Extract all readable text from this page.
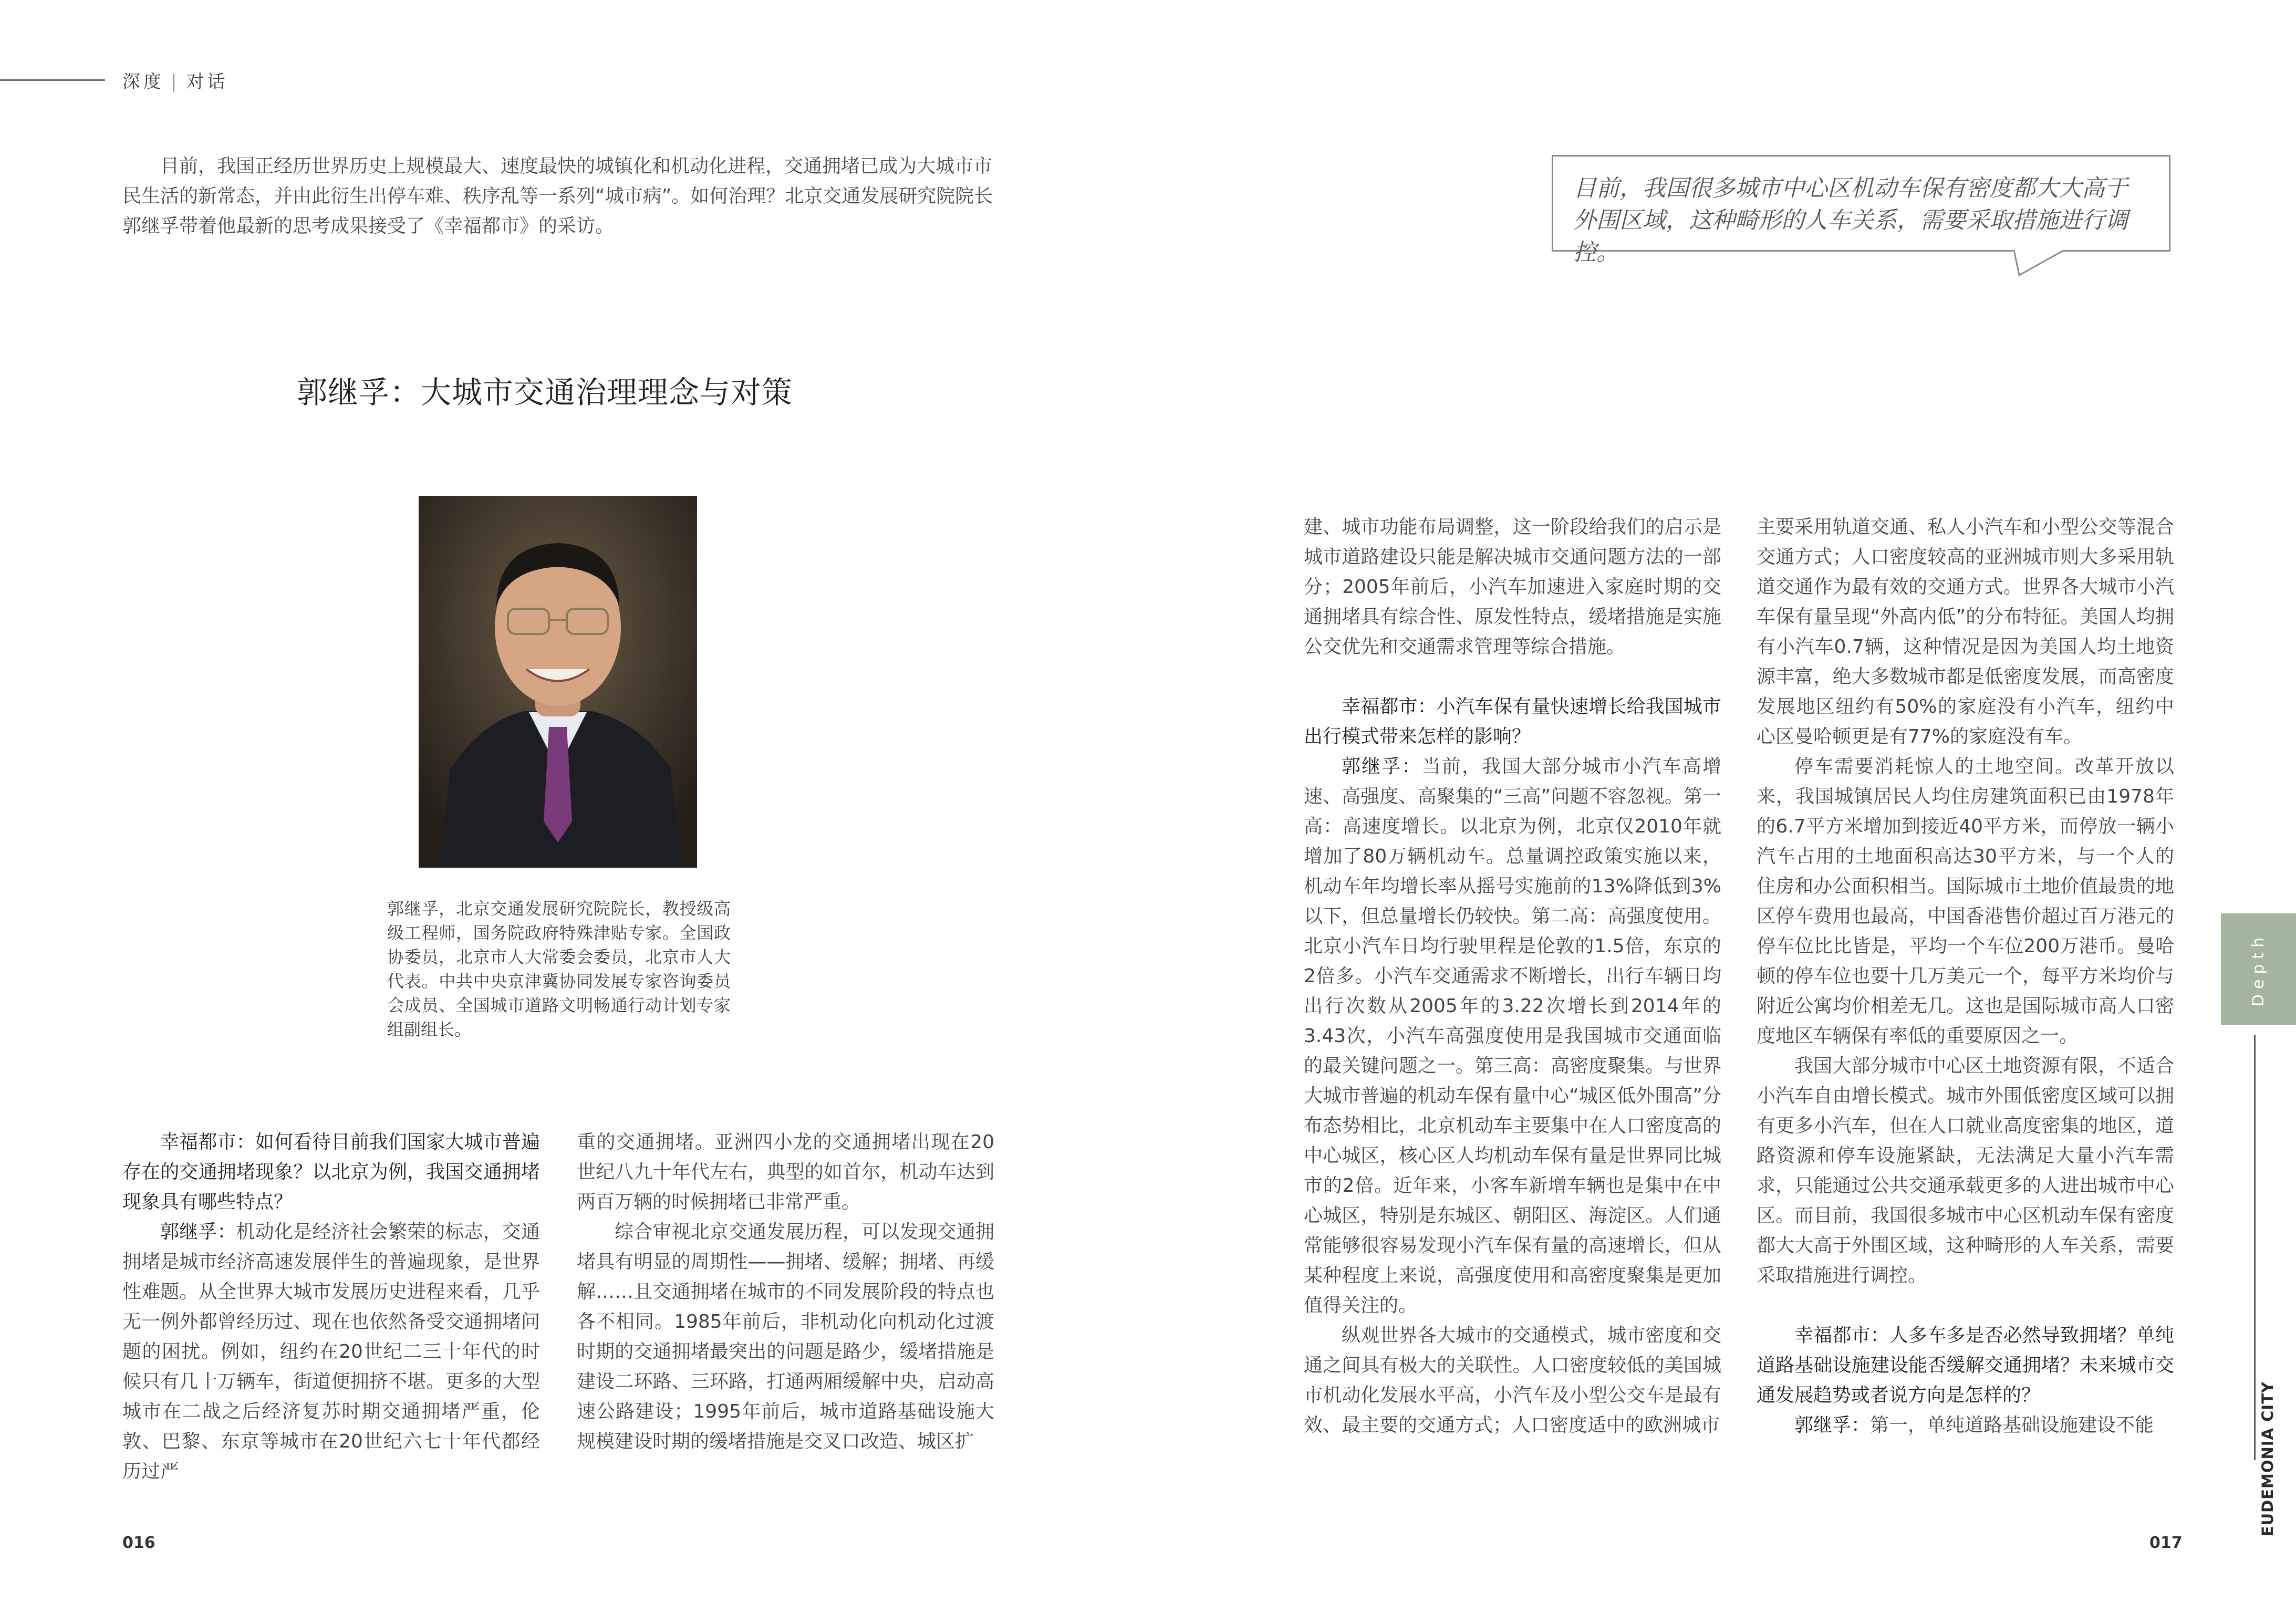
深度 | 对话

目前，我国正经历世界历史上规模最大、速度最快的城镇化和机动化进程，交通拥堵已成为大城市市民生活的新常态，并由此衍生出停车难、秩序乱等一系列“城市病”。如何治理？北京交通发展研究院院长郭继孚带着他最新的思考成果接受了《幸福都市》的采访。

目前，我国很多城市中心区机动车保有密度都大大高于外围区域，这种畸形的人车关系，需要采取措施进行调控。
郭继孚：大城市交通治理理念与对策

郭继孚，北京交通发展研究院院长，教授级高级工程师，国务院政府特殊津贴专家。全国政协委员，北京市人大常委会委员，北京市人大代表。中共中央京津冀协同发展专家咨询委员会成员、全国城市道路文明畅通行动计划专家组副组长。

幸福都市：如何看待目前我们国家大城市普遍存在的交通拥堵现象？以北京为例，我国交通拥堵现象具有哪些特点？

郭继孚：机动化是经济社会繁荣的标志，交通拥堵是城市经济高速发展伴生的普遍现象，是世界性难题。从全世界大城市发展历史进程来看，几乎无一例外都曾经历过、现在也依然备受交通拥堵问题的困扰。例如，纽约在20世纪二三十年代的时候只有几十万辆车，街道便拥挤不堪。更多的大型城市在二战之后经济复苏时期交通拥堵严重，伦敦、巴黎、东京等城市在20世纪六七十年代都经历过严

重的交通拥堵。亚洲四小龙的交通拥堵出现在20世纪八九十年代左右，典型的如首尔，机动车达到两百万辆的时候拥堵已非常严重。

综合审视北京交通发展历程，可以发现交通拥堵具有明显的周期性——拥堵、缓解；拥堵、再缓解……且交通拥堵在城市的不同发展阶段的特点也各不相同。1985年前后，非机动化向机动化过渡时期的交通拥堵最突出的问题是路少，缓堵措施是建设二环路、三环路，打通两厢缓解中央，启动高速公路建设；1995年前后，城市道路基础设施大规模建设时期的缓堵措施是交叉口改造、城区扩

建、城市功能布局调整，这一阶段给我们的启示是城市道路建设只能是解决城市交通问题方法的一部分；2005年前后，小汽车加速进入家庭时期的交通拥堵具有综合性、原发性特点，缓堵措施是实施公交优先和交通需求管理等综合措施。

幸福都市：小汽车保有量快速增长给我国城市出行模式带来怎样的影响？

郭继孚：当前，我国大部分城市小汽车高增速、高强度、高聚集的“三高”问题不容忽视。第一高：高速度增长。以北京为例，北京仅2010年就增加了80万辆机动车。总量调控政策实施以来，机动车年均增长率从摇号实施前的13%降低到3%以下，但总量增长仍较快。第二高：高强度使用。北京小汽车日均行驶里程是伦敦的1.5倍，东京的2倍多。小汽车交通需求不断增长，出行车辆日均出行次数从2005年的3.22次增长到2014年的3.43次，小汽车高强度使用是我国城市交通面临的最关键问题之一。第三高：高密度聚集。与世界大城市普遍的机动车保有量中心“城区低外围高”分布态势相比，北京机动车主要集中在人口密度高的中心城区，核心区人均机动车保有量是世界同比城市的2倍。近年来，小客车新增车辆也是集中在中心城区，特别是东城区、朝阳区、海淀区。人们通常能够很容易发现小汽车保有量的高速增长，但从某种程度上来说，高强度使用和高密度聚集是更加值得关注的。

纵观世界各大城市的交通模式，城市密度和交通之间具有极大的关联性。人口密度较低的美国城市机动化发展水平高，小汽车及小型公交车是最有效、最主要的交通方式；人口密度适中的欧洲城市

主要采用轨道交通、私人小汽车和小型公交等混合交通方式；人口密度较高的亚洲城市则大多采用轨道交通作为最有效的交通方式。世界各大城市小汽车保有量呈现“外高内低”的分布特征。美国人均拥有小汽车0.7辆，这种情况是因为美国人均土地资源丰富，绝大多数城市都是低密度发展，而高密度发展地区纽约有50%的家庭没有小汽车，纽约中心区曼哈顿更是有77%的家庭没有车。

停车需要消耗惊人的土地空间。改革开放以来，我国城镇居民人均住房建筑面积已由1978年的6.7平方米增加到接近40平方米，而停放一辆小汽车占用的土地面积高达30平方米，与一个人的住房和办公面积相当。国际城市土地价值最贵的地区停车费用也最高，中国香港售价超过百万港元的停车位比比皆是，平均一个车位200万港币。曼哈顿的停车位也要十几万美元一个，每平方米均价与附近公寓均价相差无几。这也是国际城市高人口密度地区车辆保有率低的重要原因之一。

我国大部分城市中心区土地资源有限，不适合小汽车自由增长模式。城市外围低密度区域可以拥有更多小汽车，但在人口就业高度密集的地区，道路资源和停车设施紧缺，无法满足大量小汽车需求，只能通过公共交通承载更多的人进出城市中心区。而目前，我国很多城市中心区机动车保有密度都大大高于外围区域，这种畸形的人车关系，需要采取措施进行调控。

幸福都市：人多车多是否必然导致拥堵？单纯道路基础设施建设能否缓解交通拥堵？未来城市交通发展趋势或者说方向是怎样的？

郭继孚：第一，单纯道路基础设施建设不能

016	017
Depth
EUDEMONIA CITY
